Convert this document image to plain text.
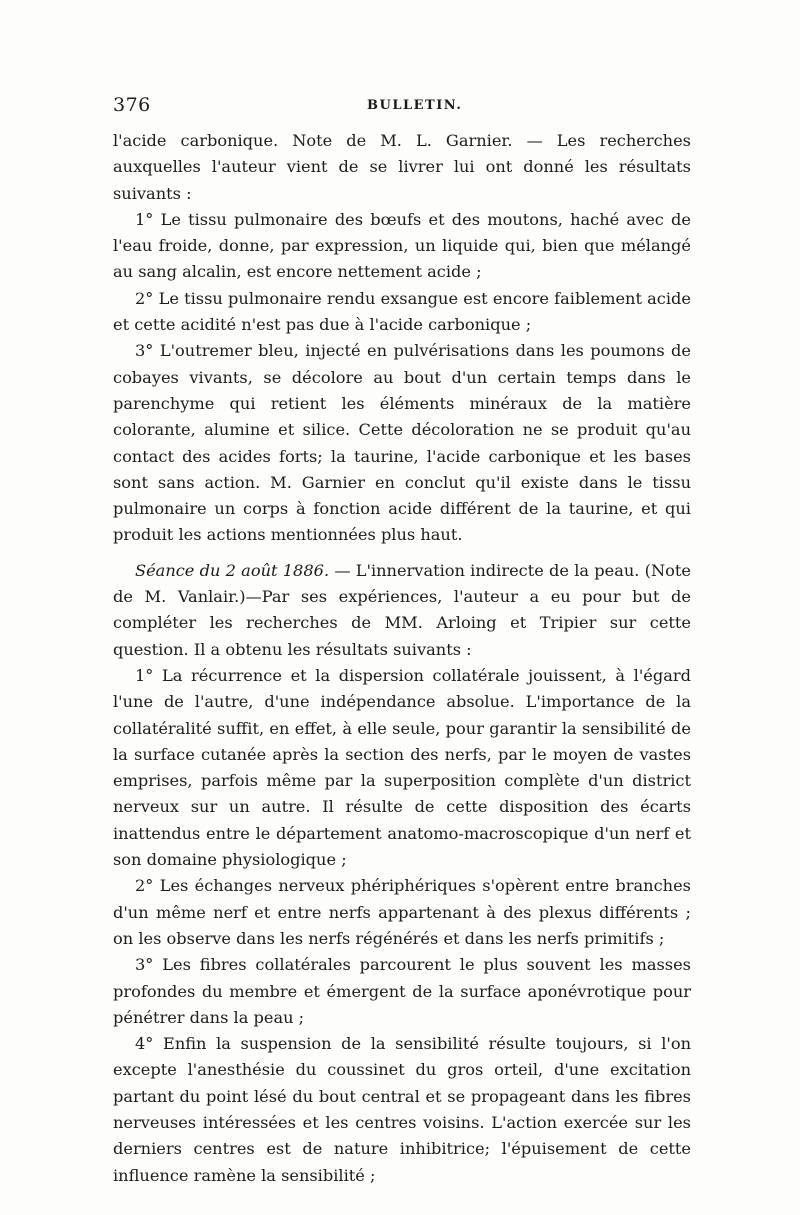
376	BULLETIN.

l'acide carbonique. Note de M. L. Garnier. — Les recherches auxquelles l'auteur vient de se livrer lui ont donné les résultats suivants :

1° Le tissu pulmonaire des bœufs et des moutons, haché avec de l'eau froide, donne, par expression, un liquide qui, bien que mélangé au sang alcalin, est encore nettement acide ;

2° Le tissu pulmonaire rendu exsangue est encore faiblement acide et cette acidité n'est pas due à l'acide carbonique ;

3° L'outremer bleu, injecté en pulvérisations dans les poumons de cobayes vivants, se décolore au bout d'un certain temps dans le parenchyme qui retient les éléments minéraux de la matière colorante, alumine et silice. Cette décoloration ne se produit qu'au contact des acides forts; la taurine, l'acide carbonique et les bases sont sans action. M. Garnier en conclut qu'il existe dans le tissu pulmonaire un corps à fonction acide différent de la taurine, et qui produit les actions mentionnées plus haut.

Séance du 2 août 1886. — L'innervation indirecte de la peau. (Note de M. Vanlair.)—Par ses expériences, l'auteur a eu pour but de compléter les recherches de MM. Arloing et Tripier sur cette question. Il a obtenu les résultats suivants :

1° La récurrence et la dispersion collatérale jouissent, à l'égard l'une de l'autre, d'une indépendance absolue. L'importance de la collatéralité suffit, en effet, à elle seule, pour garantir la sensibilité de la surface cutanée après la section des nerfs, par le moyen de vastes emprises, parfois même par la superposition complète d'un district nerveux sur un autre. Il résulte de cette disposition des écarts inattendus entre le département anatomo-macroscopique d'un nerf et son domaine physiologique ;

2° Les échanges nerveux phériphériques s'opèrent entre branches d'un même nerf et entre nerfs appartenant à des plexus différents ; on les observe dans les nerfs régénérés et dans les nerfs primitifs ;

3° Les fibres collatérales parcourent le plus souvent les masses profondes du membre et émergent de la surface aponévrotique pour pénétrer dans la peau ;

4° Enfin la suspension de la sensibilité résulte toujours, si l'on excepte l'anesthésie du coussinet du gros orteil, d'une excitation partant du point lésé du bout central et se propageant dans les fibres nerveuses intéressées et les centres voisins. L'action exercée sur les derniers centres est de nature inhibitrice; l'épuisement de cette influence ramène la sensibilité ;
